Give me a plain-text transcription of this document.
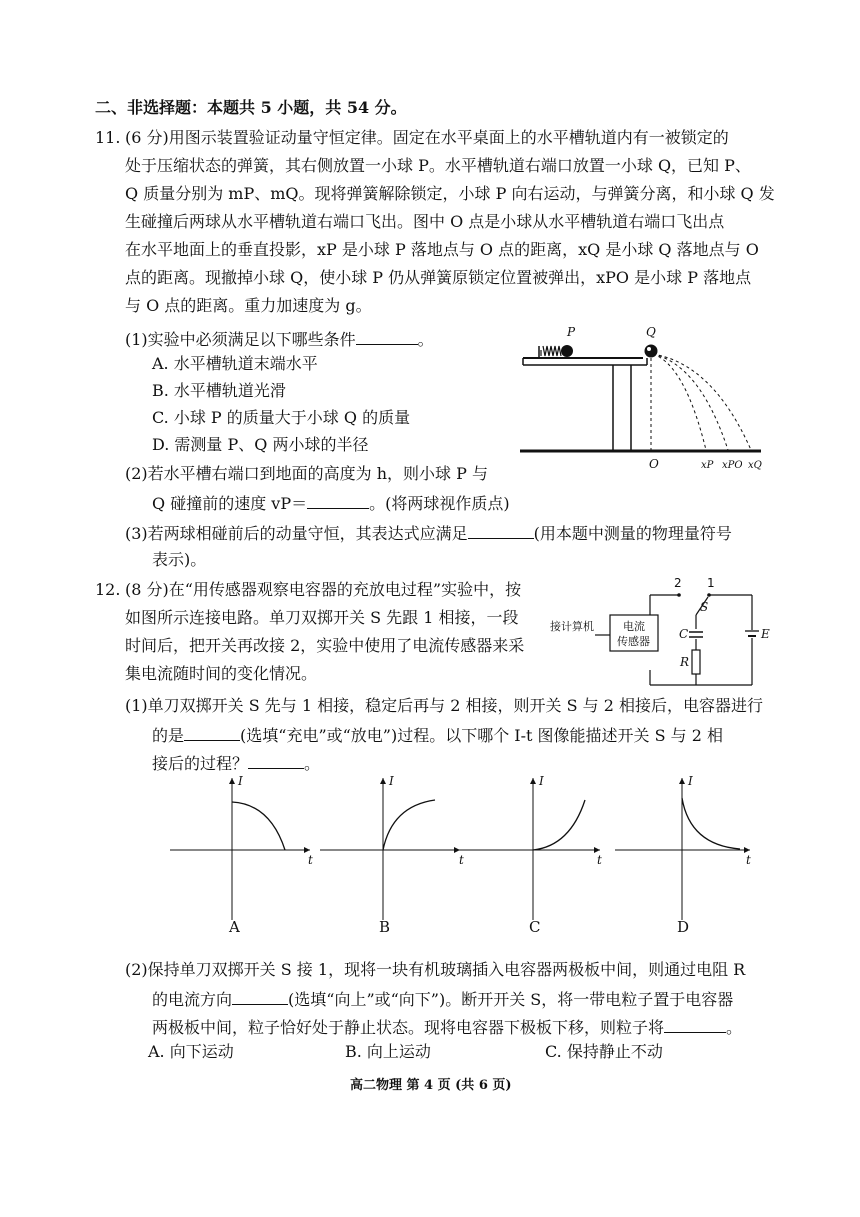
二、非选择题：本题共 5 小题，共 54 分。
11. (6 分)用图示装置验证动量守恒定律。固定在水平桌面上的水平槽轨道内有一被锁定的
处于压缩状态的弹簧，其右侧放置一小球 P。水平槽轨道右端口放置一小球 Q，已知 P、
Q 质量分别为 mP、mQ。现将弹簧解除锁定，小球 P 向右运动，与弹簧分离，和小球 Q 发
生碰撞后两球从水平槽轨道右端口飞出。图中 O 点是小球从水平槽轨道右端口飞出点
在水平地面上的垂直投影，xP 是小球 P 落地点与 O 点的距离，xQ 是小球 Q 落地点与 O
点的距离。现撤掉小球 Q，使小球 P 仍从弹簧原锁定位置被弹出，xPO 是小球 P 落地点
与 O 点的距离。重力加速度为 g。
(1)实验中必须满足以下哪些条件	。
A. 水平槽轨道末端水平
B. 水平槽轨道光滑
C. 小球 P 的质量大于小球 Q 的质量
D. 需测量 P、Q 两小球的半径
(2)若水平槽右端口到地面的高度为 h，则小球 P 与
Q 碰撞前的速度 vP＝	。(将两球视作质点)
(3)若两球相碰前后的动量守恒，其表达式应满足	(用本题中测量的物理量符号
表示)。
P	Q
O	xP xPO xQ
12. (8 分)在“用传感器观察电容器的充放电过程”实验中，按
如图所示连接电路。单刀双掷开关 S 先跟 1 相接，一段
时间后，把开关再改接 2，实验中使用了电流传感器来采
集电流随时间的变化情况。
2 1
S
接计算机	电流
传感器
C
R
E
(1)单刀双掷开关 S 先与 1 相接，稳定后再与 2 相接，则开关 S 与 2 相接后，电容器进行
的是	(选填“充电”或“放电”)过程。以下哪个 I-t 图像能描述开关 S 与 2 相
接后的过程？	。
I
t
A
I
t
B
I
t
C
I
t
D
(2)保持单刀双掷开关 S 接 1，现将一块有机玻璃插入电容器两极板中间，则通过电阻 R
的电流方向	(选填“向上”或“向下”)。断开开关 S，将一带电粒子置于电容器
两极板中间，粒子恰好处于静止状态。现将电容器下极板下移，则粒子将	。
A. 向下运动	B. 向上运动	C. 保持静止不动
高二物理 第 4 页 (共 6 页)
